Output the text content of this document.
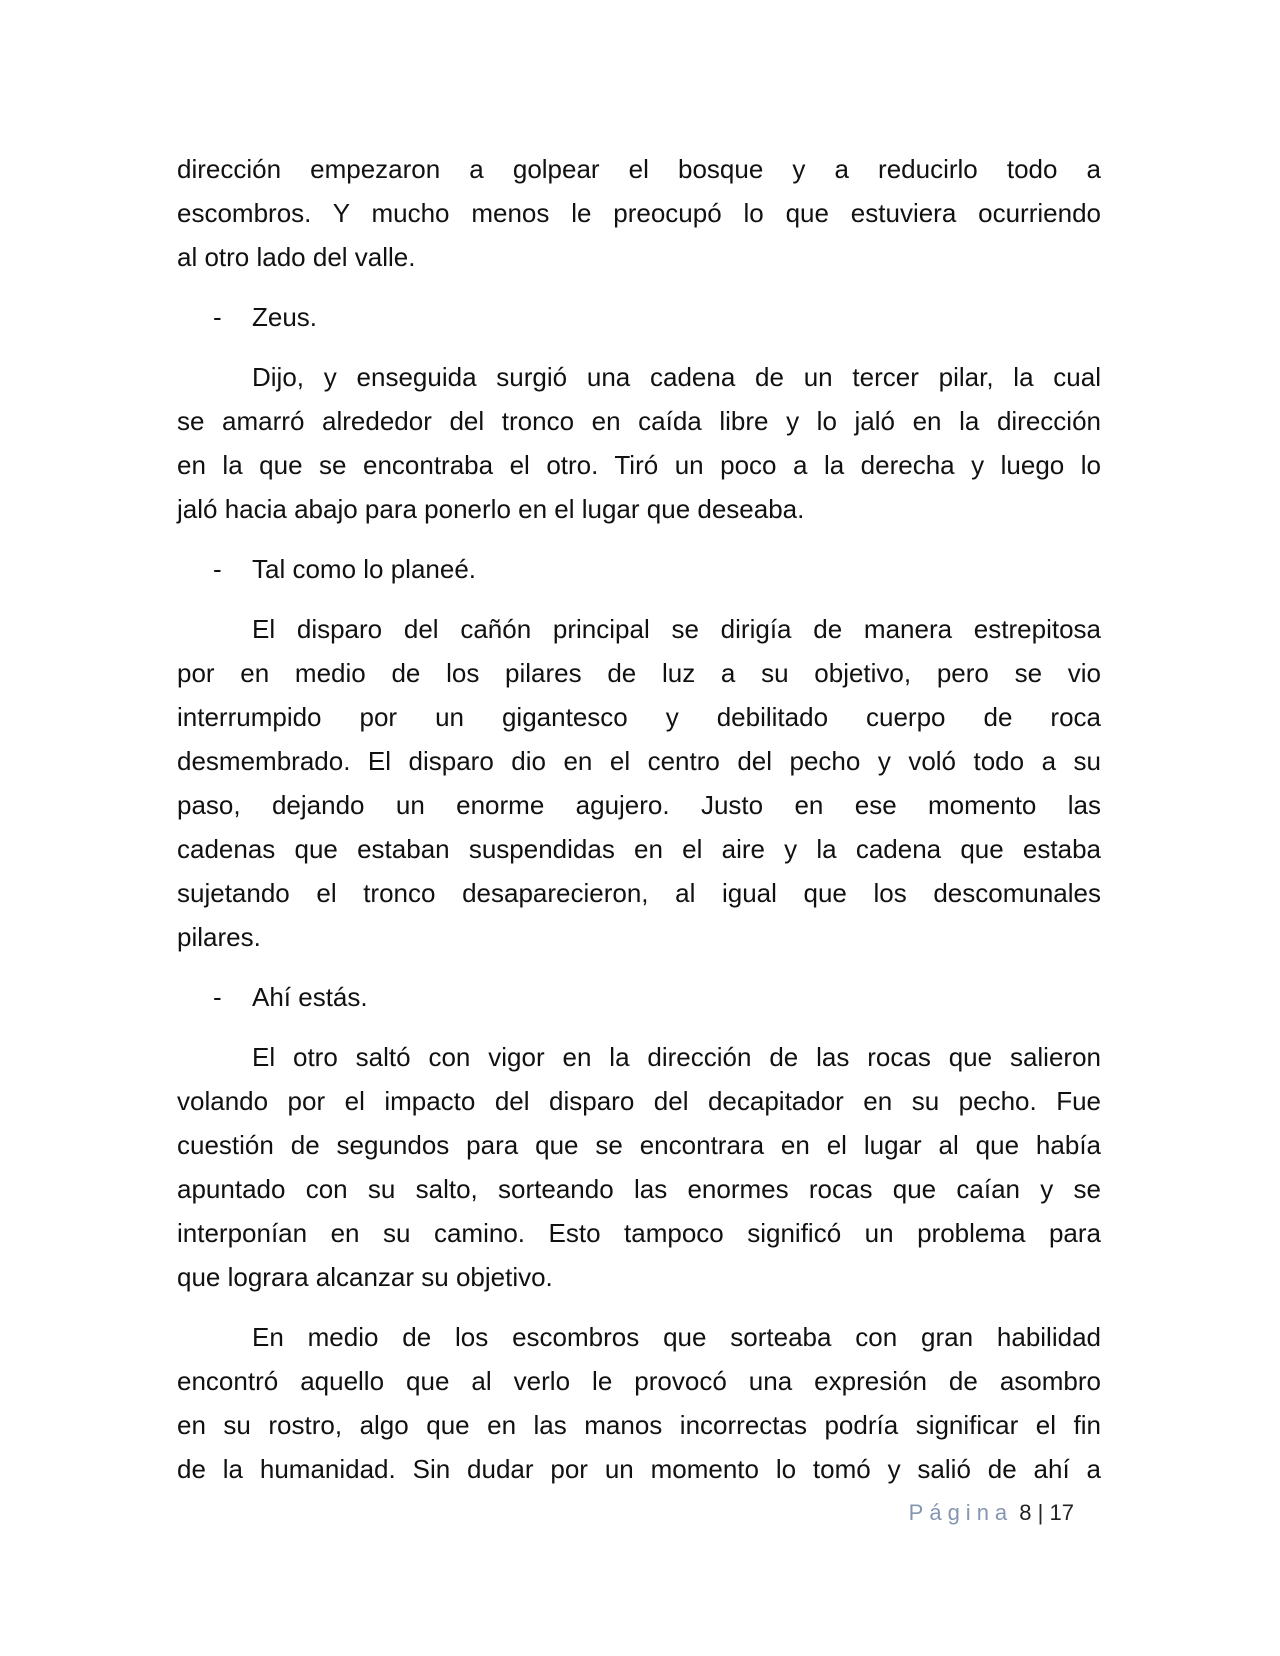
dirección empezaron a golpear el bosque y a reducirlo todo a
escombros. Y mucho menos le preocupó lo que estuviera ocurriendo
al otro lado del valle.
-	Zeus.
Dijo, y enseguida surgió una cadena de un tercer pilar, la cual
se amarró alrededor del tronco en caída libre y lo jaló en la dirección
en la que se encontraba el otro. Tiró un poco a la derecha y luego lo
jaló hacia abajo para ponerlo en el lugar que deseaba.
-	Tal como lo planeé.
El disparo del cañón principal se dirigía de manera estrepitosa
por en medio de los pilares de luz a su objetivo, pero se vio
interrumpido por un gigantesco y debilitado cuerpo de roca
desmembrado. El disparo dio en el centro del pecho y voló todo a su
paso, dejando un enorme agujero. Justo en ese momento las
cadenas que estaban suspendidas en el aire y la cadena que estaba
sujetando el tronco desaparecieron, al igual que los descomunales
pilares.
-	Ahí estás.
El otro saltó con vigor en la dirección de las rocas que salieron
volando por el impacto del disparo del decapitador en su pecho. Fue
cuestión de segundos para que se encontrara en el lugar al que había
apuntado con su salto, sorteando las enormes rocas que caían y se
interponían en su camino. Esto tampoco significó un problema para
que lograra alcanzar su objetivo.
En medio de los escombros que sorteaba con gran habilidad
encontró aquello que al verlo le provocó una expresión de asombro
en su rostro, algo que en las manos incorrectas podría significar el fin
de la humanidad. Sin dudar por un momento lo tomó y salió de ahí a
Página 8 | 17
